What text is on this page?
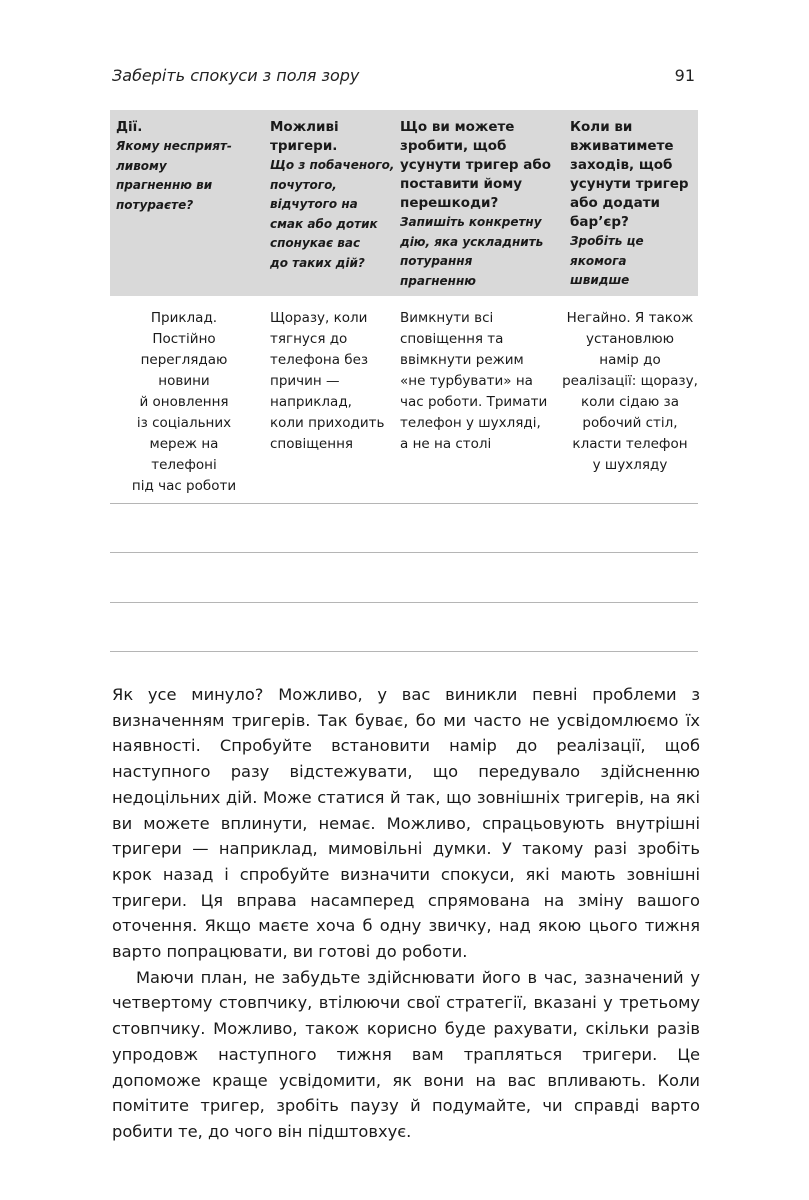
Заберіть спокуси з поля зору	91
Дії.
Якому несприят-
ливому
прагненню ви
потураєте?
Можливі
тригери.
Що з побаченого,
почутого,
відчутого на
смак або дотик
спонукає вас
до таких дій?
Що ви можете
зробити, щоб
усунути тригер або
поставити йому
перешкоди?
Запишіть конкретну
дію, яка ускладнить
потурання
прагненню
Коли ви
вживатимете
заходів, щоб
усунути тригер
або додати бар’єр?
Зробіть це якомога
швидше
Приклад.
Постійно
переглядаю
новини
й оновлення
із соціальних
мереж на
телефоні
під час роботи
Щоразу, коли
тягнуся до
телефона без
причин —
наприклад,
коли приходить
сповіщення
Вимкнути всі
сповіщення та
ввімкнути режим
«не турбувати» на
час роботи. Тримати
телефон у шухляді,
а не на столі
Негайно. Я також
установлюю
намір до
реалізації: щоразу,
коли сідаю за
робочий стіл,
класти телефон
у шухляду

Як усе минуло? Можливо, у вас виникли певні проблеми з визначенням тригерів. Так буває, бо ми часто не усвідомлюємо їх наявності. Спробуйте встановити намір до реалізації, щоб наступного разу відстежувати, що передувало здійсненню недоцільних дій. Може статися й так, що зовнішніх тригерів, на які ви можете вплинути, немає. Можливо, спрацьовують внутрішні тригери — наприклад, мимовільні думки. У такому разі зробіть крок назад і спробуйте визначити спокуси, які мають зовнішні тригери. Ця вправа насамперед спрямована на зміну вашого оточення. Якщо маєте хоча б одну звичку, над якою цього тижня варто попрацювати, ви готові до роботи.

Маючи план, не забудьте здійснювати його в час, зазначений у четвертому стовпчику, втілюючи свої стратегії, вказані у третьому стовпчику. Можливо, також корисно буде рахувати, скільки разів упродовж наступного тижня вам трапляться тригери. Це допоможе краще усвідомити, як вони на вас впливають. Коли помітите тригер, зробіть паузу й подумайте, чи справді варто робити те, до чого він підштовхує.
